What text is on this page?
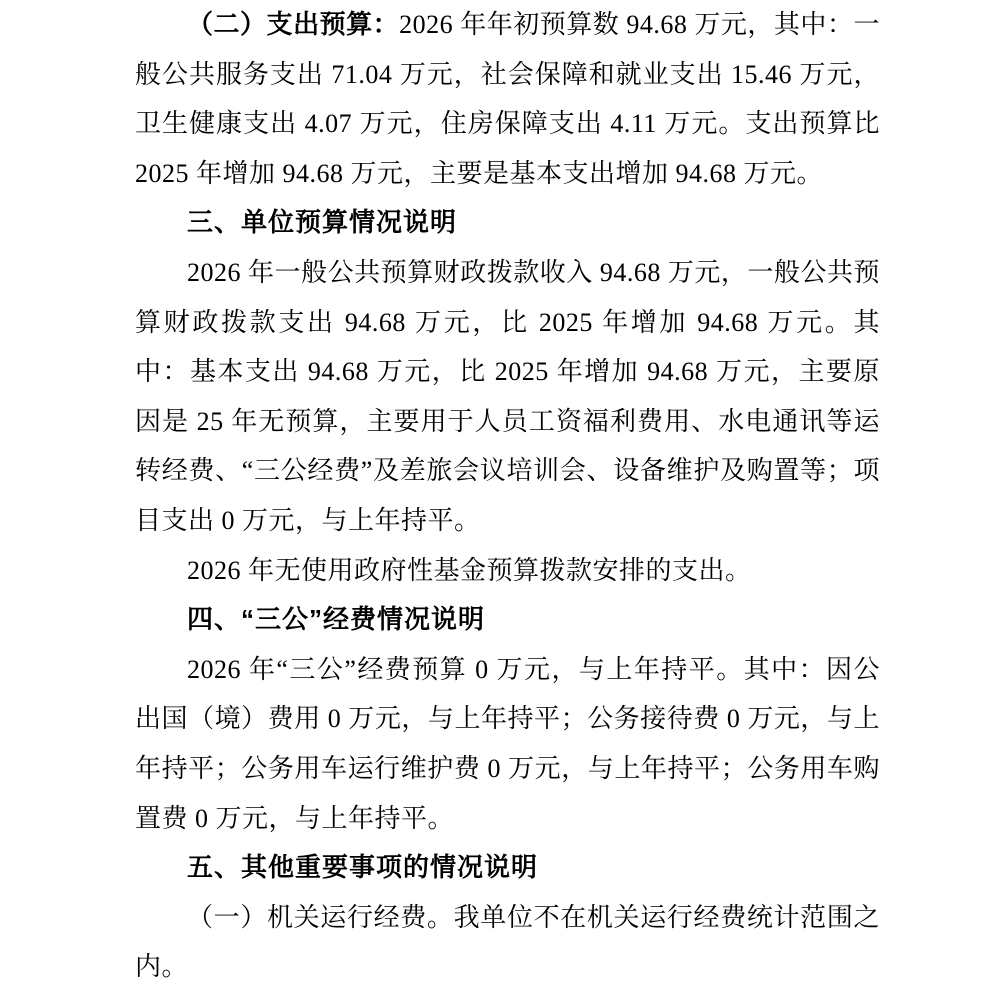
（二）支出预算：2026 年年初预算数 94.68 万元，其中：一般公共服务支出 71.04 万元，社会保障和就业支出 15.46 万元，卫生健康支出 4.07 万元，住房保障支出 4.11 万元。支出预算比 2025 年增加 94.68 万元，主要是基本支出增加 94.68 万元。

三、单位预算情况说明

2026 年一般公共预算财政拨款收入 94.68 万元，一般公共预算财政拨款支出 94.68 万元，比 2025 年增加 94.68 万元。其中：基本支出 94.68 万元，比 2025 年增加 94.68 万元，主要原因是 25 年无预算，主要用于人员工资福利费用、水电通讯等运转经费、“三公经费”及差旅会议培训会、设备维护及购置等；项目支出 0 万元，与上年持平。

2026 年无使用政府性基金预算拨款安排的支出。

四、“三公”经费情况说明

2026 年“三公”经费预算 0 万元，与上年持平。其中：因公出国（境）费用 0 万元，与上年持平；公务接待费 0 万元，与上年持平；公务用车运行维护费 0 万元，与上年持平；公务用车购置费 0 万元，与上年持平。

五、其他重要事项的情况说明

（一）机关运行经费。我单位不在机关运行经费统计范围之内。
